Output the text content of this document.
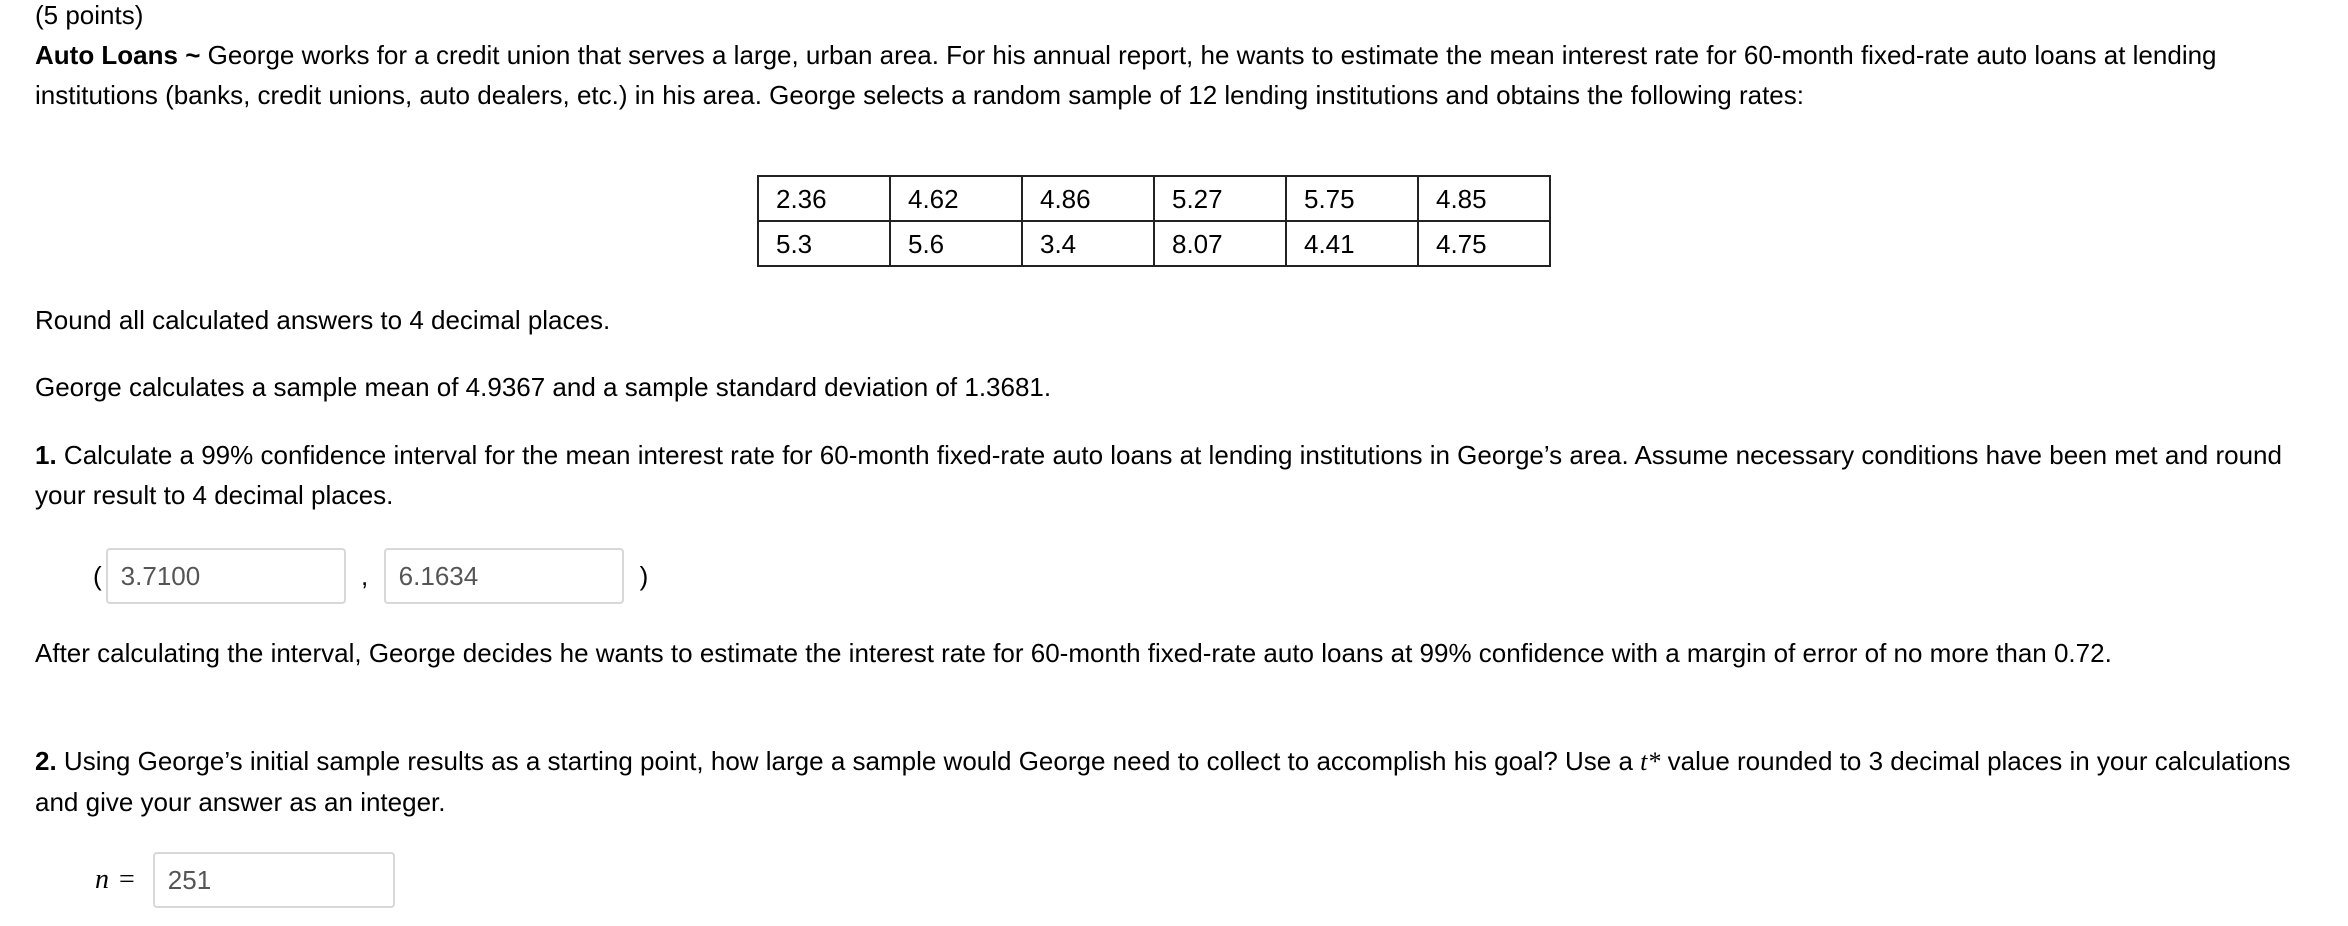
(5 points)

Auto Loans ~ George works for a credit union that serves a large, urban area. For his annual report, he wants to estimate the mean interest rate for 60-month fixed-rate auto loans at lending institutions (banks, credit unions, auto dealers, etc.) in his area. George selects a random sample of 12 lending institutions and obtains the following rates:

2.36	4.62	4.86	5.27	5.75	4.85
5.3	5.6	3.4	8.07	4.41	4.75
Round all calculated answers to 4 decimal places.
George calculates a sample mean of 4.9367 and a sample standard deviation of 1.3681.
1. Calculate a 99% confidence interval for the mean interest rate for 60-month fixed-rate auto loans at lending institutions in George’s area. Assume necessary conditions have been met and round your result to 4 decimal places.
( 3.7100	,	6.1634	)
After calculating the interval, George decides he wants to estimate the interest rate for 60-month fixed-rate auto loans at 99% confidence with a margin of error of no more than 0.72.
2. Using George’s initial sample results as a starting point, how large a sample would George need to collect to accomplish his goal? Use a t* value rounded to 3 decimal places in your calculations and give your answer as an integer.
n = 251
